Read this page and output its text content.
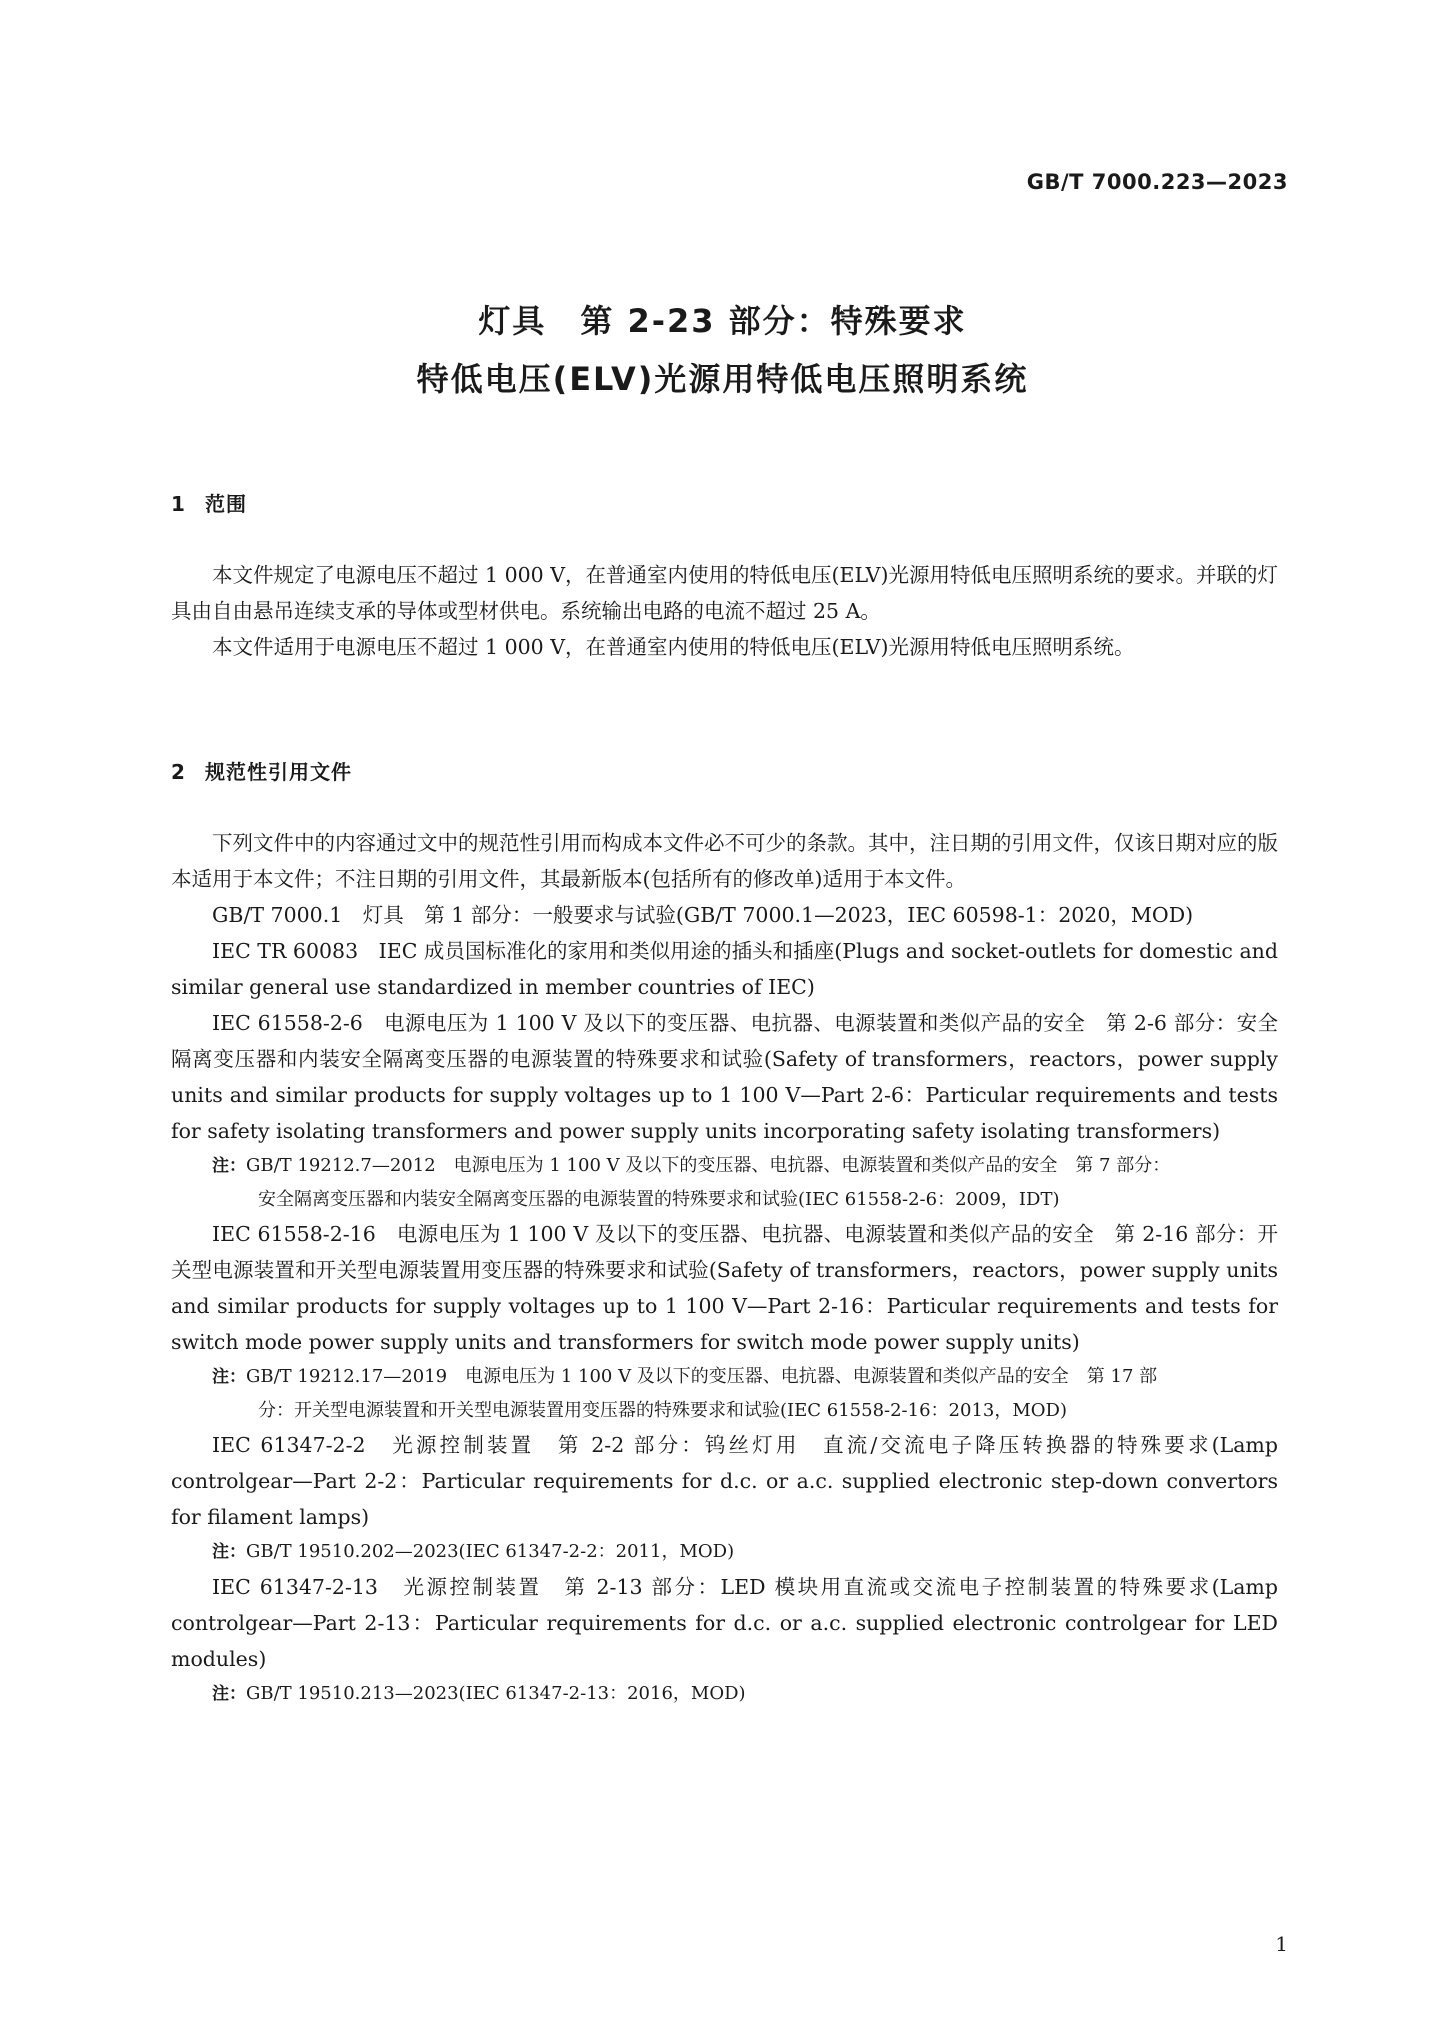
GB/T 7000.223—2023
灯具　第 2-23 部分：特殊要求
特低电压(ELV)光源用特低电压照明系统
1 范围

本文件规定了电源电压不超过 1 000 V，在普通室内使用的特低电压(ELV)光源用特低电压照明系统的要求。并联的灯具由自由悬吊连续支承的导体或型材供电。系统输出电路的电流不超过 25 A。

本文件适用于电源电压不超过 1 000 V，在普通室内使用的特低电压(ELV)光源用特低电压照明系统。

2 规范性引用文件

下列文件中的内容通过文中的规范性引用而构成本文件必不可少的条款。其中，注日期的引用文件，仅该日期对应的版本适用于本文件；不注日期的引用文件，其最新版本(包括所有的修改单)适用于本文件。

GB/T 7000.1　灯具　第 1 部分：一般要求与试验(GB/T 7000.1—2023，IEC 60598-1：2020，MOD)
IEC TR 60083　IEC 成员国标准化的家用和类似用途的插头和插座(Plugs and socket-outlets for domestic and similar general use standardized in member countries of IEC)
IEC 61558-2-6　电源电压为 1 100 V 及以下的变压器、电抗器、电源装置和类似产品的安全　第 2-6 部分：安全隔离变压器和内装安全隔离变压器的电源装置的特殊要求和试验(Safety of transformers，reactors，power supply units and similar products for supply voltages up to 1 100 V—Part 2-6：Particular requirements and tests for safety isolating transformers and power supply units incorporating safety isolating transformers)
注：GB/T 19212.7—2012　电源电压为 1 100 V 及以下的变压器、电抗器、电源装置和类似产品的安全　第 7 部分：
安全隔离变压器和内装安全隔离变压器的电源装置的特殊要求和试验(IEC 61558-2-6：2009，IDT)
IEC 61558-2-16　电源电压为 1 100 V 及以下的变压器、电抗器、电源装置和类似产品的安全　第 2-16 部分：开关型电源装置和开关型电源装置用变压器的特殊要求和试验(Safety of transformers，reactors，power supply units and similar products for supply voltages up to 1 100 V—Part 2-16：Particular requirements and tests for switch mode power supply units and transformers for switch mode power supply units)
注：GB/T 19212.17—2019　电源电压为 1 100 V 及以下的变压器、电抗器、电源装置和类似产品的安全　第 17 部
分：开关型电源装置和开关型电源装置用变压器的特殊要求和试验(IEC 61558-2-16：2013，MOD)
IEC 61347-2-2　光源控制装置　第 2-2 部分：钨丝灯用　直流/交流电子降压转换器的特殊要求(Lamp controlgear—Part 2-2：Particular requirements for d.c. or a.c. supplied electronic step-down convertors for filament lamps)
注：GB/T 19510.202—2023(IEC 61347-2-2：2011，MOD)
IEC 61347-2-13　光源控制装置　第 2-13 部分：LED 模块用直流或交流电子控制装置的特殊要求(Lamp controlgear—Part 2-13：Particular requirements for d.c. or a.c. supplied electronic controlgear for LED modules)
注：GB/T 19510.213—2023(IEC 61347-2-13：2016，MOD)
1
